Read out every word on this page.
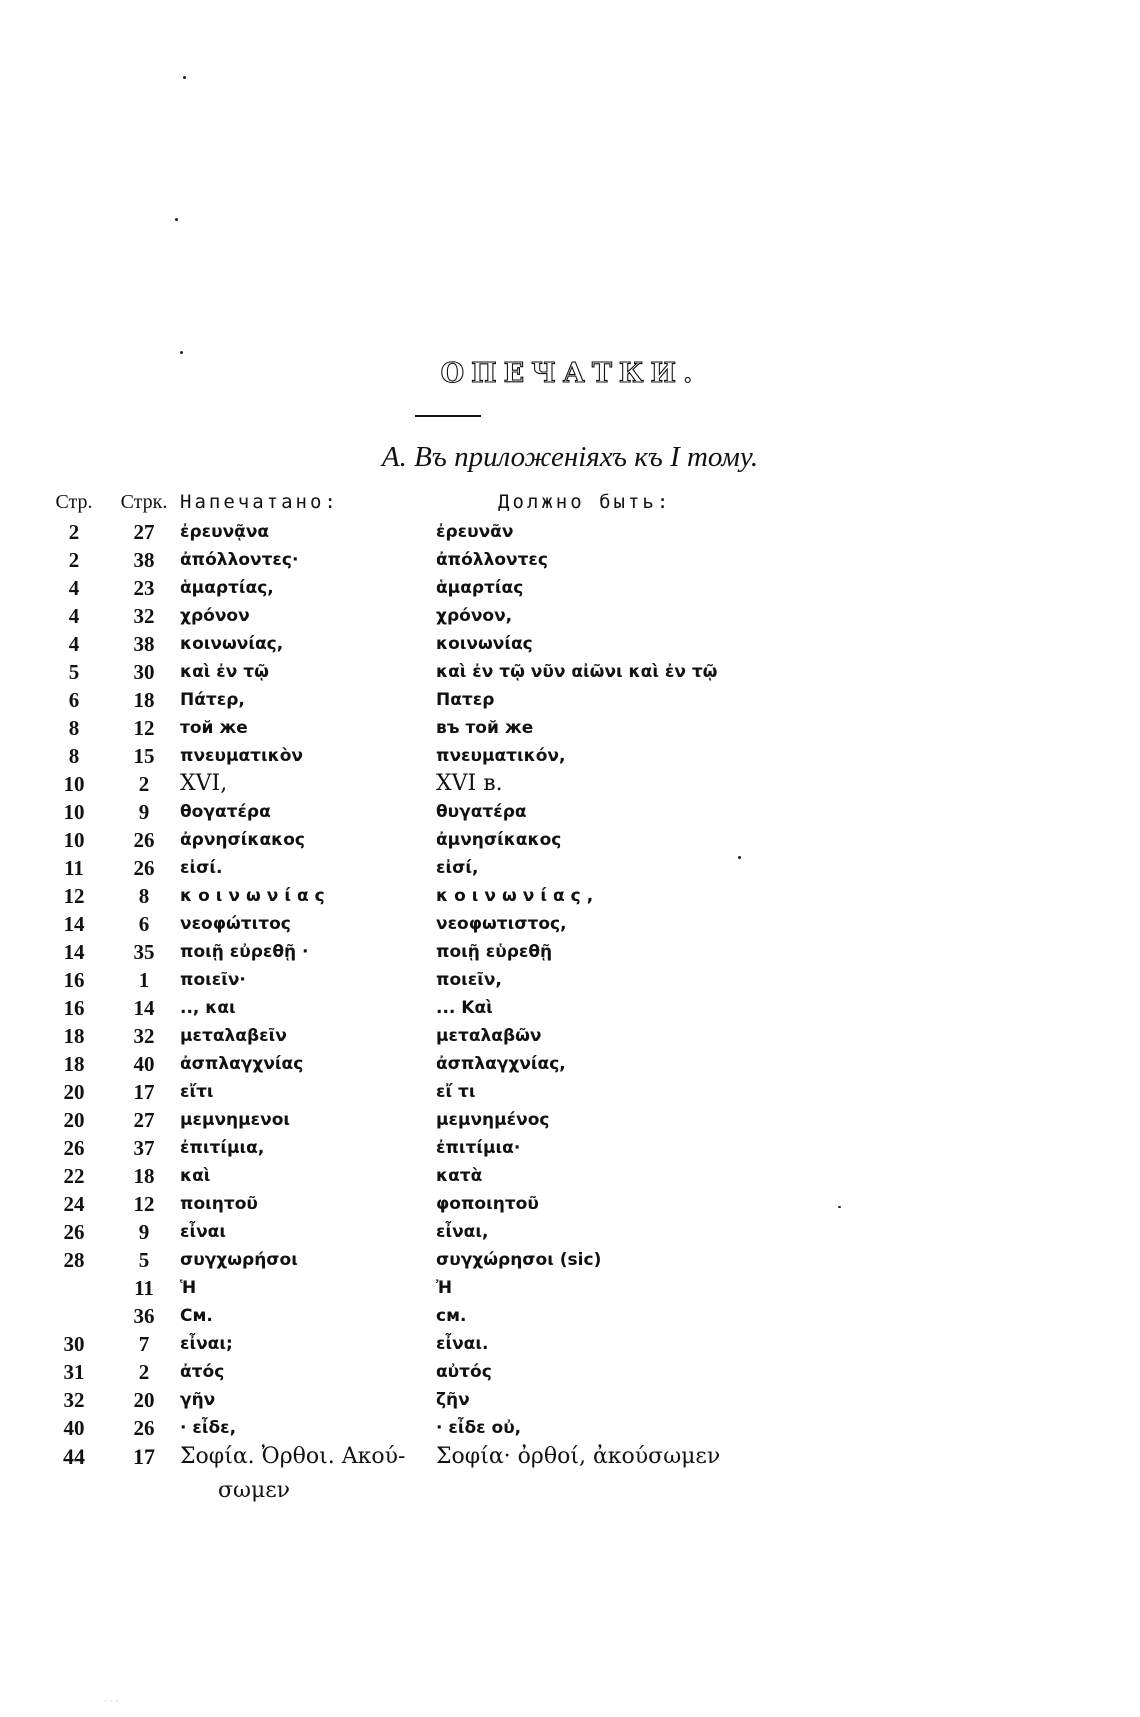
ОПЕЧАТКИ.
А. Въ приложеніяхъ къ I тому.
Стр.	Стрк.	Напечатано:	Должно быть:
2	27	ἐρευνᾷνα	ἐρευνᾶν
2	38	ἀπόλλοντες·	ἀπόλλοντες
4	23	ἁμαρτίας,	ἁμαρτίας
4	32	χρόνον	χρόνον,
4	38	κοινωνίας,	κοινωνίας
5	30	καὶ ἐν τῷ	καὶ ἐν τῷ νῦν αἰῶνι καὶ ἐν τῷ
6	18	Πάτερ,	Πατερ
8	12	той же	въ той же
8	15	πνευματικὸν	πνευματικόν,
10	2	XVI,	XVI в.
10	9	θογατέρα	θυγατέρα
10	26	ἀρνησίκακος	ἀμνησίκακος
11	26	εἰσί.	εἰσί,
12	8	κοινωνίας	κοινωνίας,
14	6	νεοφώτιτος	νεοφωτιστος,
14	35	ποιῇ εὐρεθῇ ·	ποιῇ εὑρεθῇ
16	1	ποιεῖν·	ποιεῖν,
16	14	.., και	... Καὶ
18	32	μεταλαβεῖν	μεταλαβῶν
18	40	ἀσπλαγχνίας	ἀσπλαγχνίας,
20	17	εἴτι	εἴ τι
20	27	μεμνημενοι	μεμνημένος
26	37	ἐπιτίμια,	ἐπιτίμια·
22	18	καὶ	κατὰ
24	12	ποιητοῦ	φοποιητοῦ
26	9	εἶναι	εἶναι,
28	5	συγχωρήσοι	συγχώρησοι (sic)
	11	Ἡ	Ἠ
	36	См.	см.
30	7	εἶναι;	εἶναι.
31	2	ἀτός	αὐτός
32	20	γῆν	ζῆν
40	26	· εἶδε,	· εἶδε οὐ,
44	17	Σοφία. Ὀρθοι. Ακού-	Σοφία· ὀρθοί, ἀκούσωμεν
σωμεν
· · ·
